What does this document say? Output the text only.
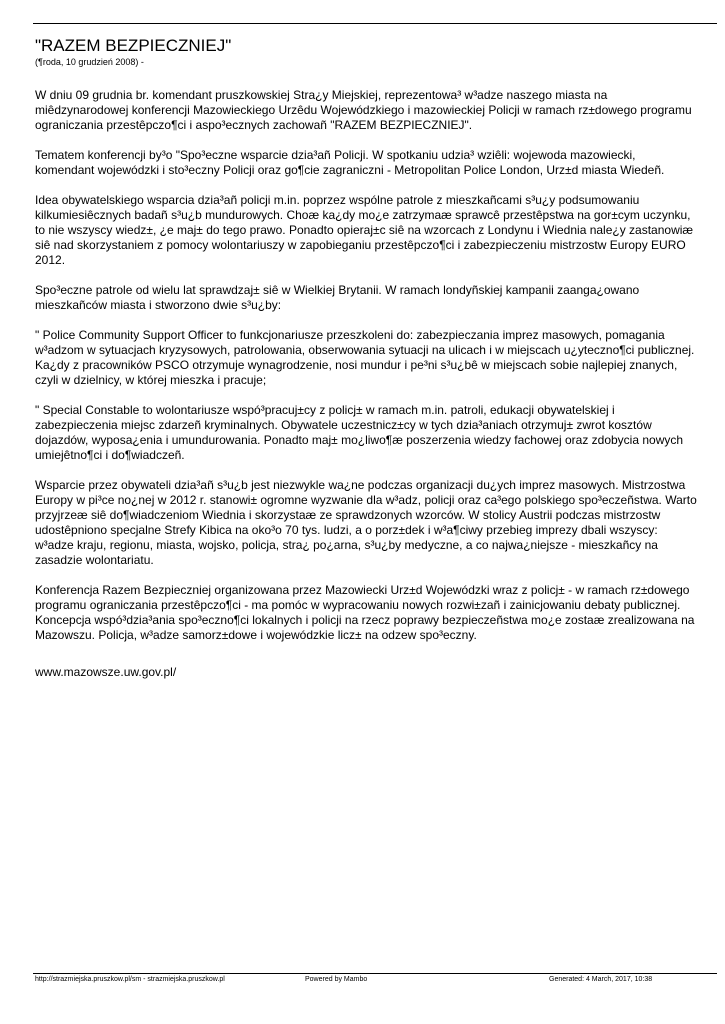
"RAZEM BEZPIECZNIEJ"
(¶roda, 10 grudzień 2008) -

W dniu 09 grudnia br. komendant pruszkowskiej Stra¿y Miejskiej, reprezentowa³ w³adze naszego miasta na miêdzynarodowej konferencji Mazowieckiego Urzêdu Wojewódzkiego i mazowieckiej Policji w ramach rz±dowego programu ograniczania przestêpczo¶ci i aspo³ecznych zachowañ "RAZEM BEZPIECZNIEJ".

Tematem konferencji by³o "Spo³eczne wsparcie dzia³añ Policji. W spotkaniu udzia³ wziêli: wojewoda mazowiecki, komendant wojewódzki i sto³eczny Policji oraz go¶cie zagraniczni - Metropolitan Police London, Urz±d miasta Wiedeñ.

Idea obywatelskiego wsparcia dzia³añ policji m.in. poprzez wspólne patrole z mieszkañcami s³u¿y podsumowaniu kilkumiesiêcznych badañ s³u¿b mundurowych. Choæ ka¿dy mo¿e zatrzymaæ sprawcê przestêpstwa na gor±cym uczynku, to nie wszyscy wiedz±, ¿e maj± do tego prawo. Ponadto opieraj±c siê na wzorcach z Londynu i Wiednia nale¿y zastanowiæ siê nad skorzystaniem z pomocy wolontariuszy w zapobieganiu przestêpczo¶ci i zabezpieczeniu mistrzostw Europy EURO 2012.

Spo³eczne patrole od wielu lat sprawdzaj± siê w Wielkiej Brytanii. W ramach londyñskiej kampanii zaanga¿owano mieszkañców miasta i stworzono dwie s³u¿by:

" Police Community Support Officer to funkcjonariusze przeszkoleni do: zabezpieczania imprez masowych, pomagania w³adzom w sytuacjach kryzysowych, patrolowania, obserwowania sytuacji na ulicach i w miejscach u¿yteczno¶ci publicznej. Ka¿dy z pracowników PSCO otrzymuje wynagrodzenie, nosi mundur i pe³ni s³u¿bê w miejscach sobie najlepiej znanych, czyli w dzielnicy, w której mieszka i pracuje;

" Special Constable to wolontariusze wspó³pracuj±cy z policj± w ramach m.in. patroli, edukacji obywatelskiej i zabezpieczenia miejsc zdarzeñ kryminalnych. Obywatele uczestnicz±cy w tych dzia³aniach otrzymuj± zwrot kosztów dojazdów, wyposa¿enia i umundurowania. Ponadto maj± mo¿liwo¶æ poszerzenia wiedzy fachowej oraz zdobycia nowych umiejêtno¶ci i do¶wiadczeñ.

Wsparcie przez obywateli dzia³añ s³u¿b jest niezwykle wa¿ne podczas organizacji du¿ych imprez masowych. Mistrzostwa Europy w pi³ce no¿nej w 2012 r. stanowi± ogromne wyzwanie dla w³adz, policji oraz ca³ego polskiego spo³eczeñstwa. Warto przyjrzeæ siê do¶wiadczeniom Wiednia i skorzystaæ ze sprawdzonych wzorców. W stolicy Austrii podczas mistrzostw udostêpniono specjalne Strefy Kibica na oko³o 70 tys. ludzi, a o porz±dek i w³a¶ciwy przebieg imprezy dbali wszyscy: w³adze kraju, regionu, miasta, wojsko, policja, stra¿ po¿arna, s³u¿by medyczne, a co najwa¿niejsze - mieszkañcy na zasadzie wolontariatu.

Konferencja Razem Bezpieczniej organizowana przez Mazowiecki Urz±d Wojewódzki wraz z policj± - w ramach rz±dowego programu ograniczania przestêpczo¶ci - ma pomóc w wypracowaniu nowych rozwi±zañ i zainicjowaniu debaty publicznej. Koncepcja wspó³dzia³ania spo³eczno¶ci lokalnych i policji na rzecz poprawy bezpieczeñstwa mo¿e zostaæ zrealizowana na Mazowszu. Policja, w³adze samorz±dowe i wojewódzkie licz± na odzew spo³eczny.

www.mazowsze.uw.gov.pl/

http://strazmiejska.pruszkow.pl/sm - strazmiejska.pruszkow.pl	Powered by Mambo	Generated: 4 March, 2017, 10:38
